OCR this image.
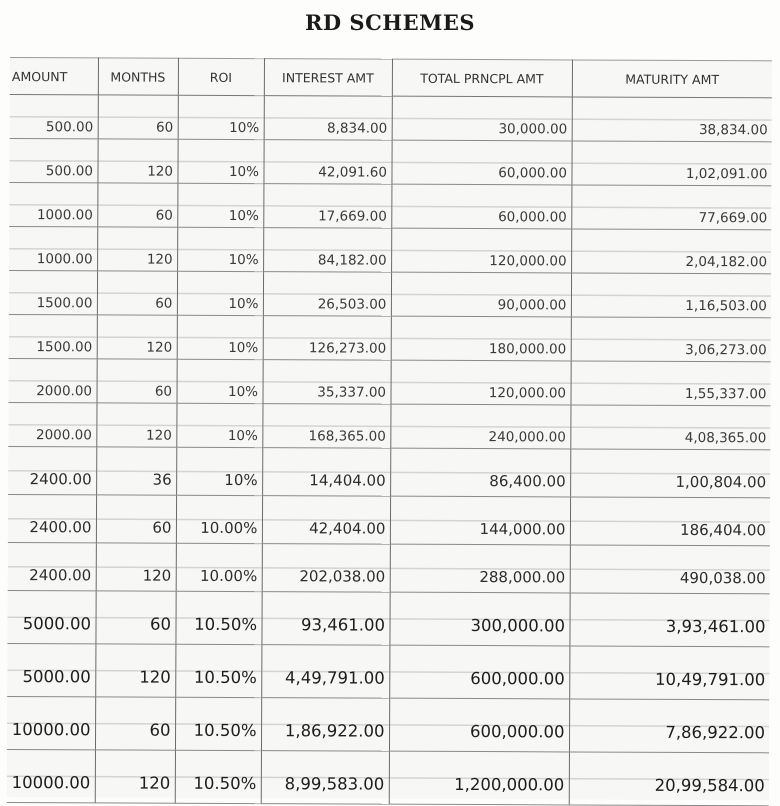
RD SCHEMES
AMOUNT	MONTHS	ROI	INTEREST AMT	TOTAL PRNCPL AMT	MATURITY AMT
500.00	60	10%	8,834.00	30,000.00	38,834.00
500.00	120	10%	42,091.60	60,000.00	1,02,091.00
1000.00	60	10%	17,669.00	60,000.00	77,669.00
1000.00	120	10%	84,182.00	120,000.00	2,04,182.00
1500.00	60	10%	26,503.00	90,000.00	1,16,503.00
1500.00	120	10%	126,273.00	180,000.00	3,06,273.00
2000.00	60	10%	35,337.00	120,000.00	1,55,337.00
2000.00	120	10%	168,365.00	240,000.00	4,08,365.00
2400.00	36	10%	14,404.00	86,400.00	1,00,804.00
2400.00	60	10.00%	42,404.00	144,000.00	186,404.00
2400.00	120	10.00%	202,038.00	288,000.00	490,038.00
5000.00	60	10.50%	93,461.00	300,000.00	3,93,461.00
5000.00	120	10.50%	4,49,791.00	600,000.00	10,49,791.00
10000.00	60	10.50%	1,86,922.00	600,000.00	7,86,922.00
10000.00	120	10.50%	8,99,583.00	1,200,000.00	20,99,584.00
